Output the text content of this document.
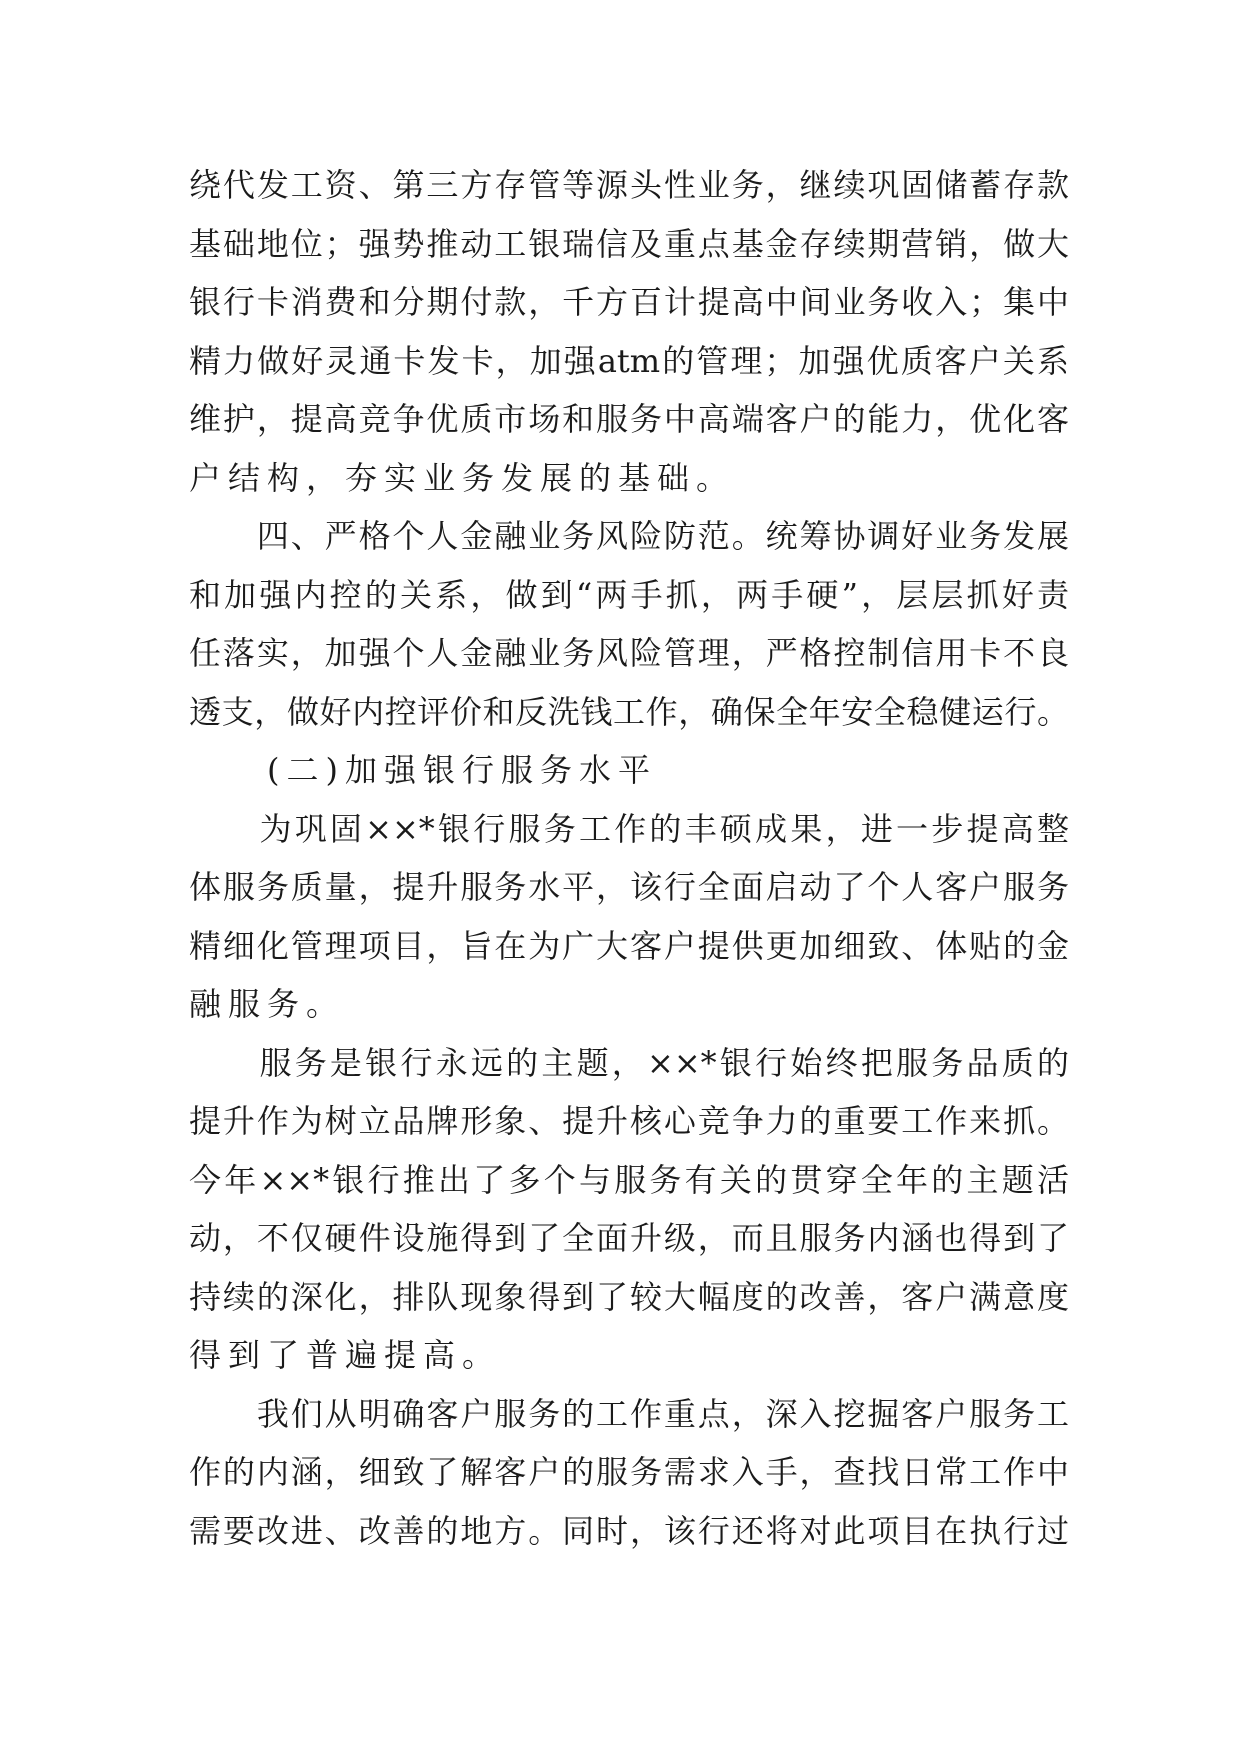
绕代发工资、第三方存管等源头性业务，继续巩固储蓄存款
基础地位；强势推动工银瑞信及重点基金存续期营销，做大
银行卡消费和分期付款，千方百计提高中间业务收入；集中
精力做好灵通卡发卡，加强atm的管理；加强优质客户关系
维护，提高竞争优质市场和服务中高端客户的能力，优化客
户结构，夯实业务发展的基础。
　　四、严格个人金融业务风险防范。统筹协调好业务发展
和加强内控的关系，做到“两手抓，两手硬”，层层抓好责
任落实，加强个人金融业务风险管理，严格控制信用卡不良
透支，做好内控评价和反洗钱工作，确保全年安全稳健运行。
　　(二)加强银行服务水平
　　为巩固××*银行服务工作的丰硕成果，进一步提高整
体服务质量，提升服务水平，该行全面启动了个人客户服务
精细化管理项目，旨在为广大客户提供更加细致、体贴的金
融服务。
　　服务是银行永远的主题，××*银行始终把服务品质的
提升作为树立品牌形象、提升核心竞争力的重要工作来抓。
今年××*银行推出了多个与服务有关的贯穿全年的主题活
动，不仅硬件设施得到了全面升级，而且服务内涵也得到了
持续的深化，排队现象得到了较大幅度的改善，客户满意度
得到了普遍提高。
　　我们从明确客户服务的工作重点，深入挖掘客户服务工
作的内涵，细致了解客户的服务需求入手，查找日常工作中
需要改进、改善的地方。同时，该行还将对此项目在执行过
